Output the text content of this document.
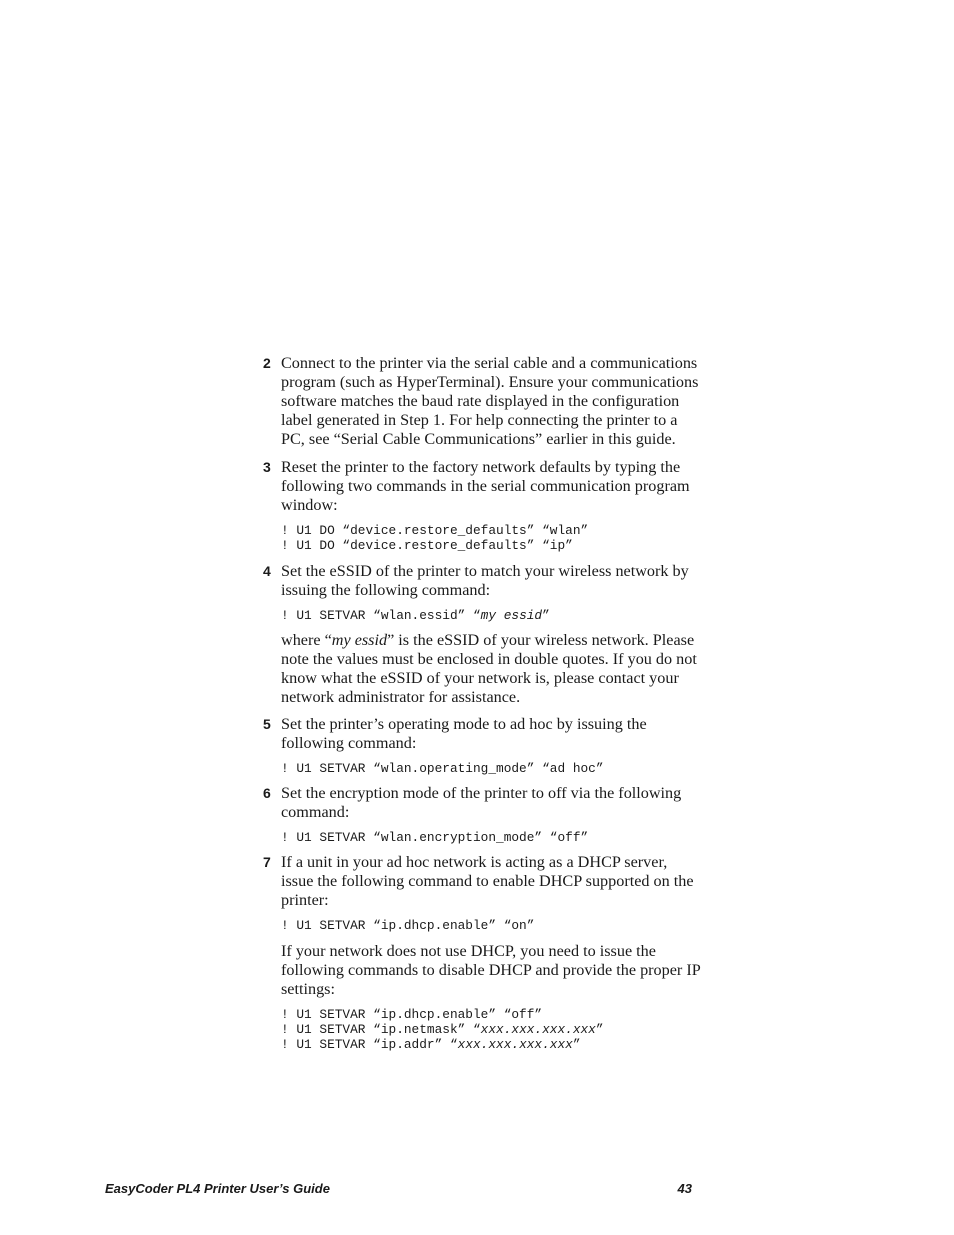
2 Connect to the printer via the serial cable and a communications program (such as HyperTerminal). Ensure your communications software matches the baud rate displayed in the configuration label generated in Step 1. For help connecting the printer to a PC, see “Serial Cable Communications” earlier in this guide.

3 Reset the printer to the factory network defaults by typing the following two commands in the serial communication program window:

! U1 DO “device.restore_defaults” “wlan”
! U1 DO “device.restore_defaults” “ip”
4 Set the eSSID of the printer to match your wireless network by issuing the following command:

! U1 SETVAR “wlan.essid” “my essid”

where “my essid” is the eSSID of your wireless network. Please note the values must be enclosed in double quotes. If you do not know what the eSSID of your network is, please contact your network administrator for assistance.

5 Set the printer’s operating mode to ad hoc by issuing the following command:

! U1 SETVAR “wlan.operating_mode” “ad hoc”
6 Set the encryption mode of the printer to off via the following command:

! U1 SETVAR “wlan.encryption_mode” “off”
7 If a unit in your ad hoc network is acting as a DHCP server, issue the following command to enable DHCP supported on the printer:

! U1 SETVAR “ip.dhcp.enable” “on”

If your network does not use DHCP, you need to issue the following commands to disable DHCP and provide the proper IP settings:

! U1 SETVAR “ip.dhcp.enable” “off”
! U1 SETVAR “ip.netmask” “xxx.xxx.xxx.xxx”
! U1 SETVAR “ip.addr” “xxx.xxx.xxx.xxx”
EasyCoder PL4 Printer User’s Guide	43
